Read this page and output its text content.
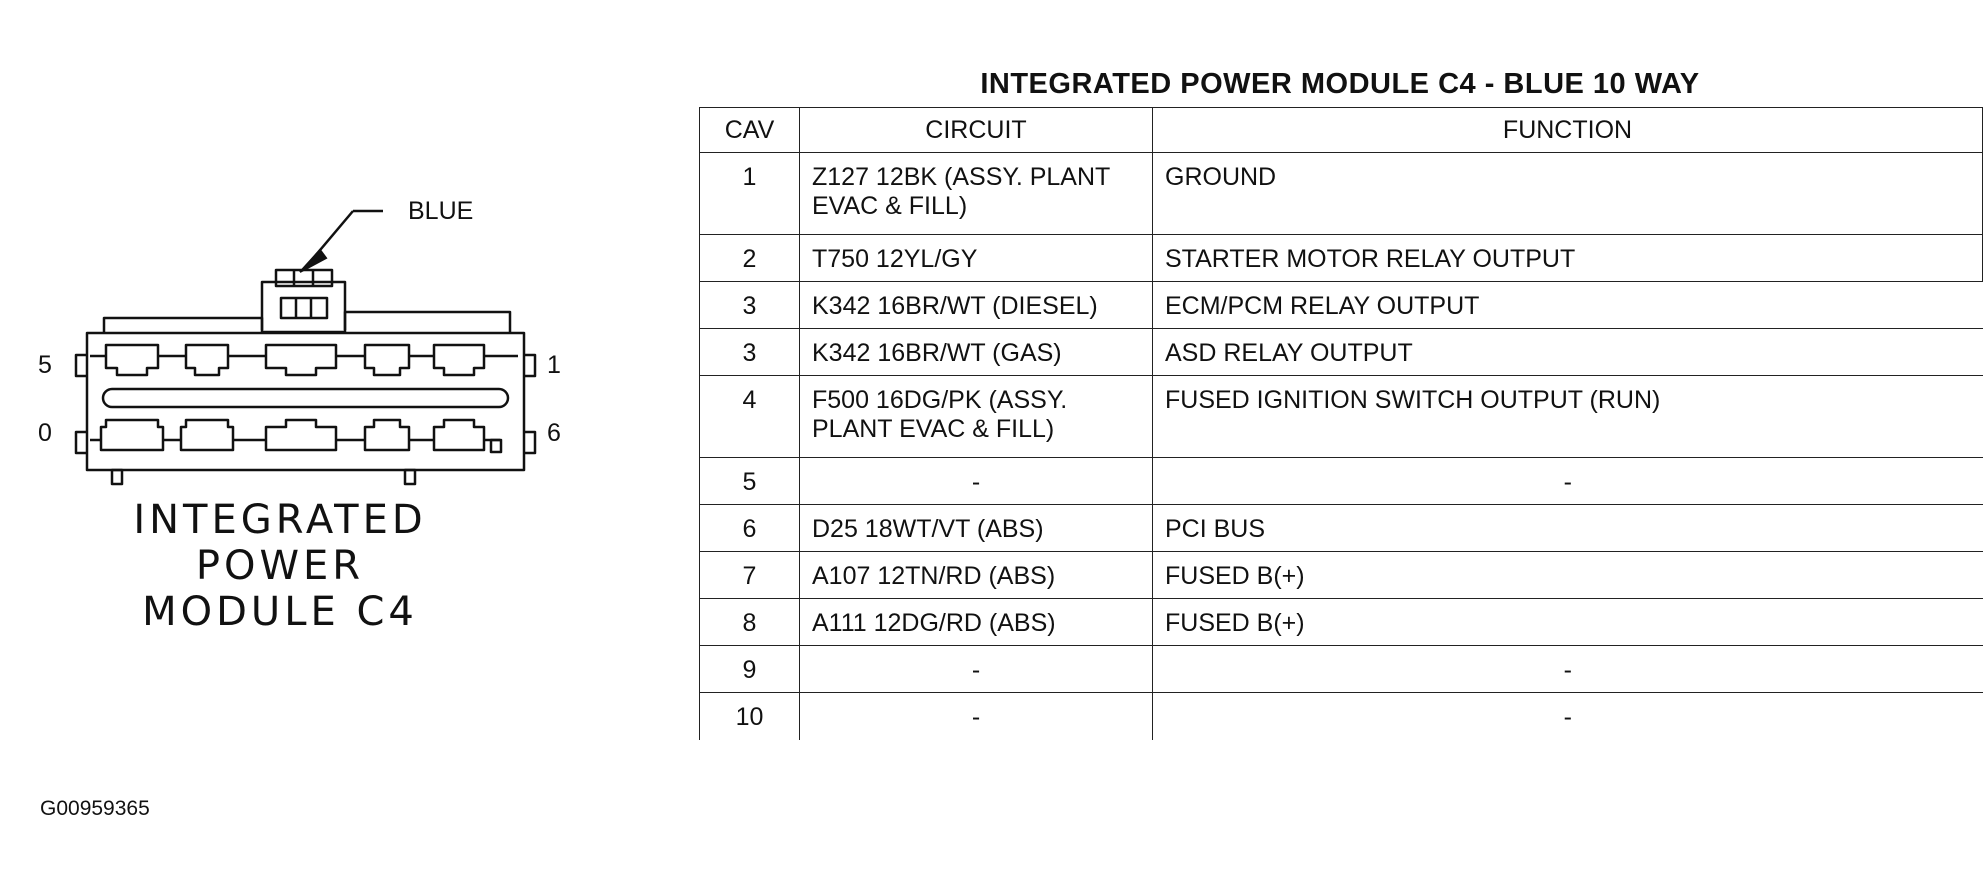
BLUE
5	1
0	6

INTEGRATED
POWER
MODULE C4

INTEGRATED POWER MODULE C4 - BLUE 10 WAY
CAV	CIRCUIT	FUNCTION
1	Z127 12BK (ASSY. PLANT EVAC & FILL)	GROUND
2	T750 12YL/GY	STARTER MOTOR RELAY OUTPUT
3	K342 16BR/WT (DIESEL)	ECM/PCM RELAY OUTPUT
3	K342 16BR/WT (GAS)	ASD RELAY OUTPUT
4	F500 16DG/PK (ASSY. PLANT EVAC & FILL)	FUSED IGNITION SWITCH OUTPUT (RUN)
5	-	-
6	D25 18WT/VT (ABS)	PCI BUS
7	A107 12TN/RD (ABS)	FUSED B(+)
8	A111 12DG/RD (ABS)	FUSED B(+)
9	-	-
10	-	-

G00959365
